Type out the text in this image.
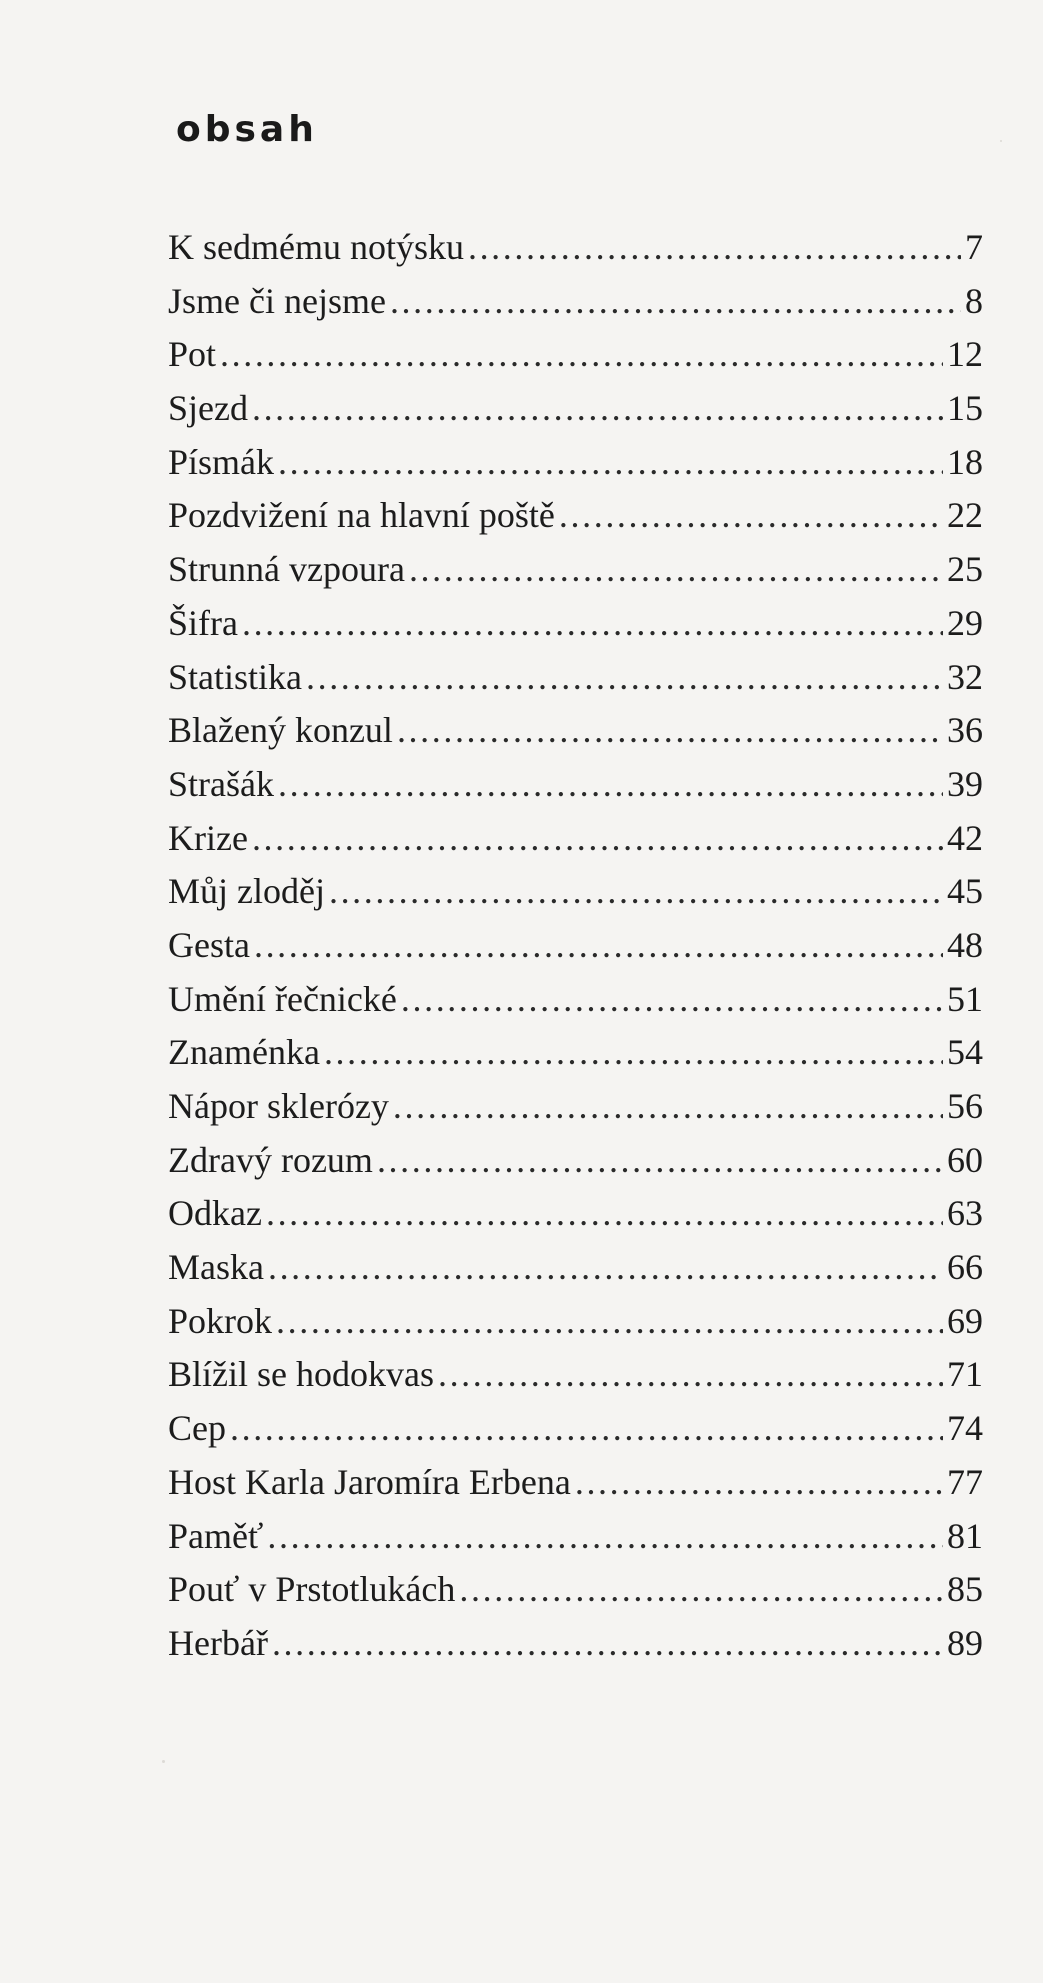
obsah
K sedmému notýsku . . .	7
Jsme či nejsme . . .	8
Pot . . .	12
Sjezd . . .	15
Písmák . . .	18
Pozdvižení na hlavní poště . . .	22
Strunná vzpoura . . .	25
Šifra . . .	29
Statistika . . .	32
Blažený konzul . . .	36
Strašák . . .	39
Krize . . .	42
Můj zloděj . . .	45
Gesta . . .	48
Umění řečnické . . .	51
Znaménka . . .	54
Nápor sklerózy . . .	56
Zdravý rozum . . .	60
Odkaz . . .	63
Maska . . .	66
Pokrok . . .	69
Blížil se hodokvas . . .	71
Cep . . .	74
Host Karla Jaromíra Erbena . . .	77
Paměť . . .	81
Pouť v Prstotlukách . . .	85
Herbář . . .	89
